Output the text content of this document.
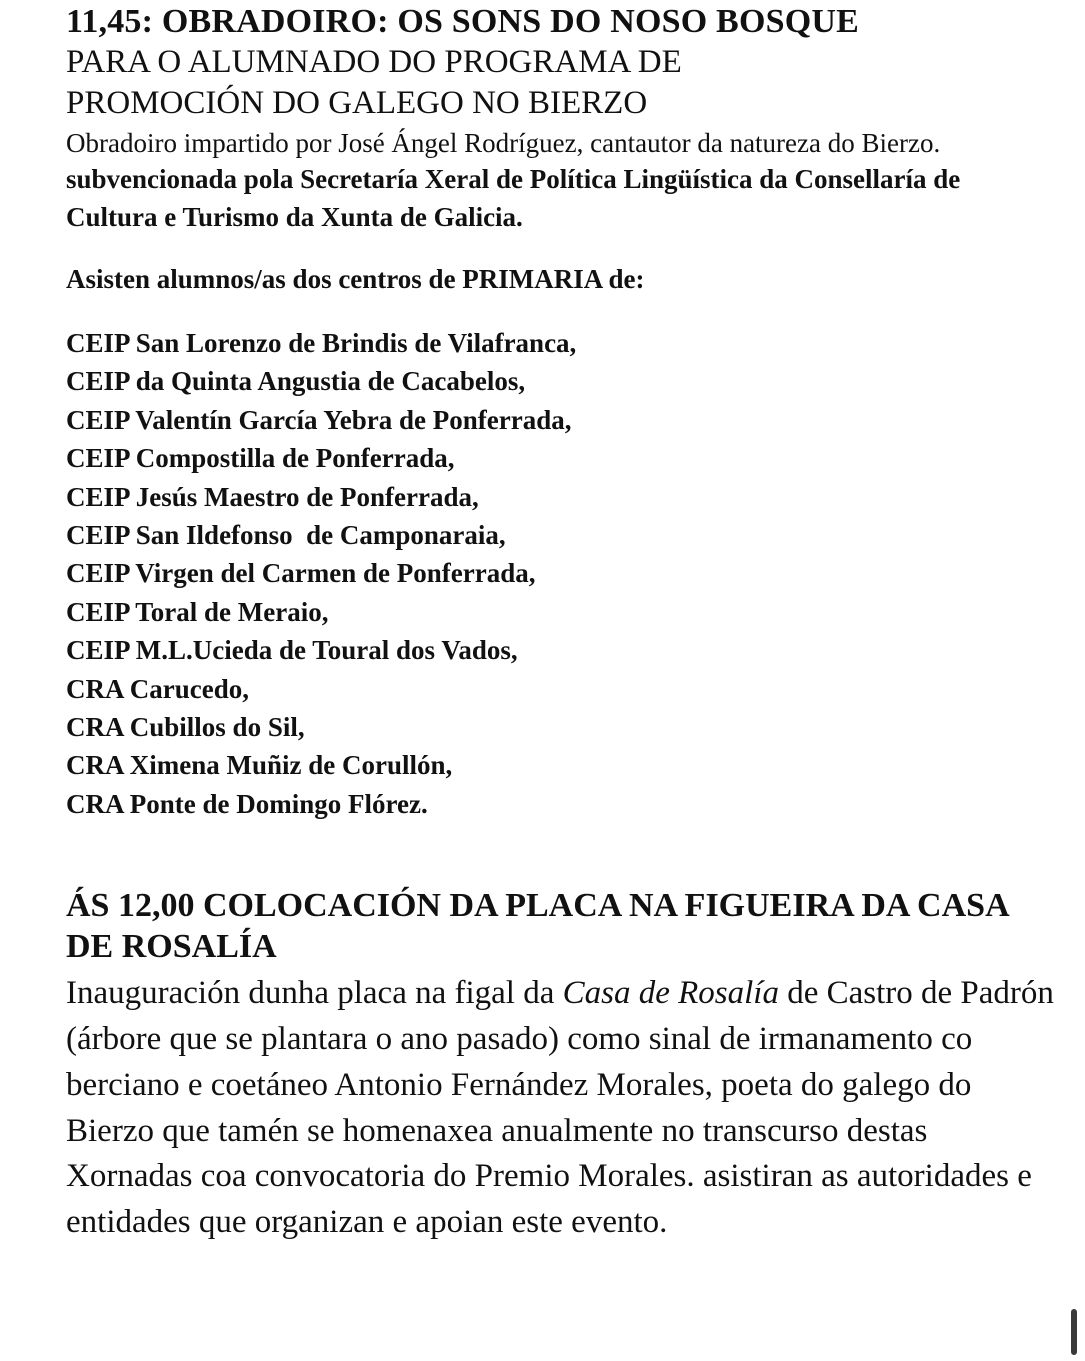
11,45: OBRADOIRO: OS SONS DO NOSO BOSQUE

PARA O ALUMNADO DO PROGRAMA DE

PROMOCIÓN DO GALEGO NO BIERZO

Obradoiro impartido por José Ángel Rodríguez, cantautor da natureza do Bierzo.

subvencionada pola Secretaría Xeral de Política Lingüística da Consellaría de Cultura e Turismo da Xunta de Galicia.

Asisten alumnos/as dos centros de PRIMARIA de:

CEIP San Lorenzo de Brindis de Vilafranca,
CEIP da Quinta Angustia de Cacabelos,
CEIP Valentín García Yebra de Ponferrada,
CEIP Compostilla de Ponferrada,
CEIP Jesús Maestro de Ponferrada,
CEIP San Ildefonso  de Camponaraia,
CEIP Virgen del Carmen de Ponferrada,
CEIP Toral de Meraio,
CEIP M.L.Ucieda de Toural dos Vados,
CRA Carucedo,
CRA Cubillos do Sil,
CRA Ximena Muñiz de Corullón,
CRA Ponte de Domingo Flórez.
ÁS 12,00 COLOCACIÓN DA PLACA NA FIGUEIRA DA CASA DE ROSALÍA

Inauguración dunha placa na figal da Casa de Rosalía de Castro de Padrón (árbore que se plantara o ano pasado) como sinal de irmanamento co berciano e coetáneo Antonio Fernández Morales, poeta do galego do Bierzo que tamén se homenaxea anualmente no transcurso destas Xornadas coa convocatoria do Premio Morales. asistiran as autoridades e entidades que organizan e apoian este evento.
